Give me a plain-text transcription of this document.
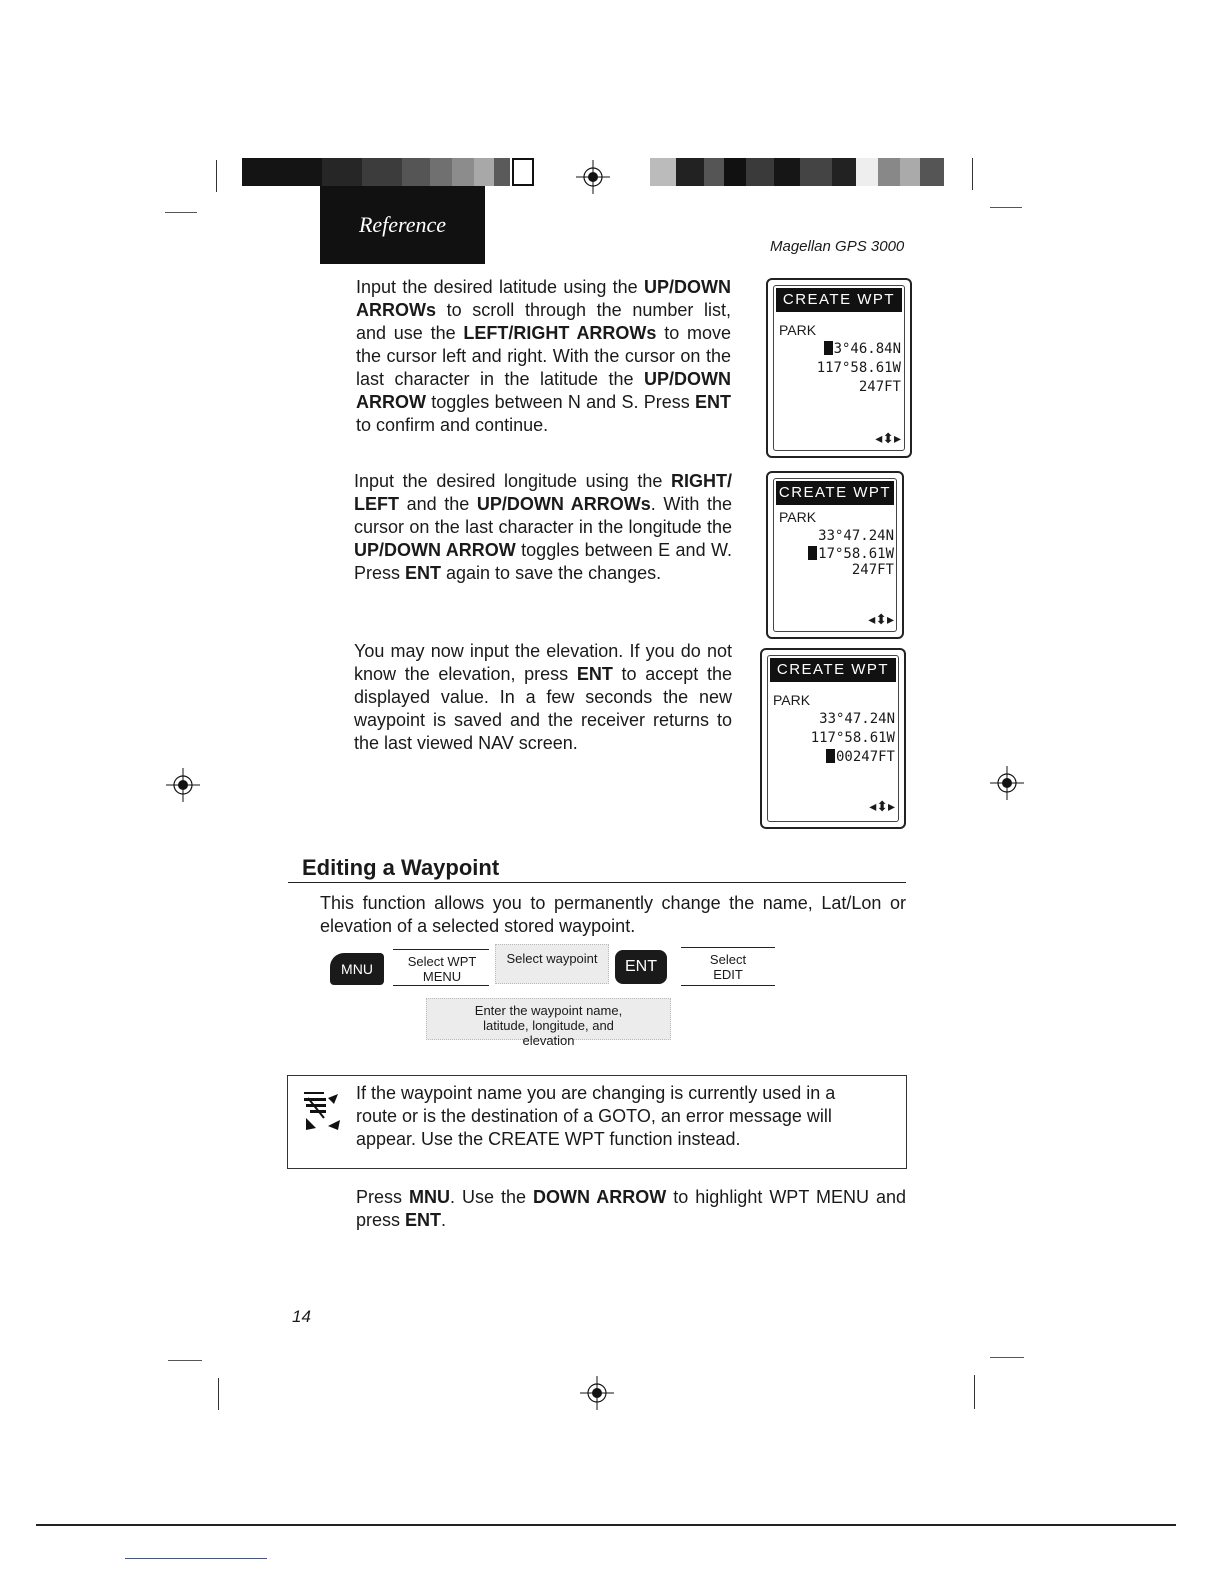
Reference
Magellan GPS 3000
Input the desired latitude using the UP/DOWN ARROWs to scroll through the number list, and use the LEFT/RIGHT ARROWs to move the cursor left and right. With the cursor on the last character in the latitude the UP/DOWN ARROW toggles between N and S. Press ENT to confirm and continue.
Input the desired longitude using the RIGHT/ LEFT and the UP/DOWN ARROWs. With the cursor on the last character in the longitude the UP/DOWN ARROW toggles between E and W. Press ENT again to save the changes.
You may now input the elevation. If you do not know the elevation, press ENT to accept the displayed value. In a few seconds the new waypoint is saved and the receiver returns to the last viewed NAV screen.
CREATE WPT
PARK
3°46.84N
117°58.61W
247FT
◂⬍▸
CREATE WPT
PARK
33°47.24N
17°58.61W
247FT
◂⬍▸
CREATE WPT
PARK
33°47.24N
117°58.61W
00247FT
◂⬍▸
Editing a Waypoint
This function allows you to permanently change the name, Lat/Lon or elevation of a selected stored waypoint.
MNU	Select WPT MENU
Select waypoint	ENT	Select EDIT
Enter the waypoint name, latitude, longitude, and elevation
If the waypoint name you are changing is currently used in a route or is the destination of a GOTO, an error message will appear. Use the CREATE WPT function instead.
Press MNU. Use the DOWN ARROW to highlight WPT MENU and press ENT.
14
